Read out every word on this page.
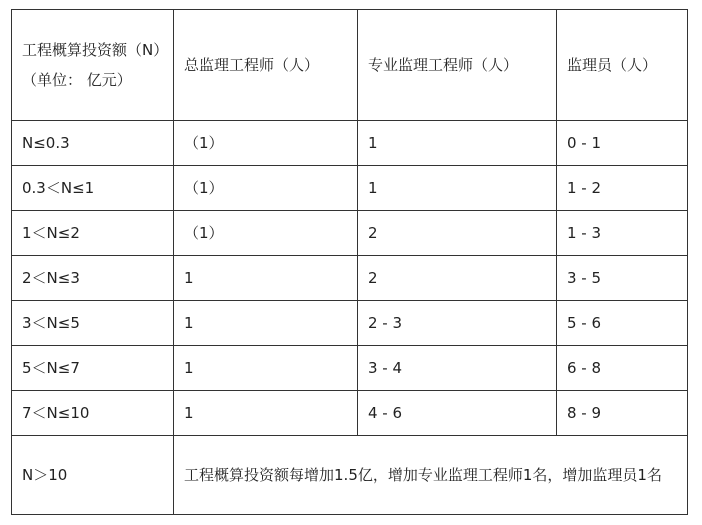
工程概算投资额（N）（单位： 亿元）	总监理工程师（人）	专业监理工程师（人）	监理员（人）
N≤0.3	（1）	1	0 - 1
0.3＜N≤1	（1）	1	1 - 2
1＜N≤2	（1）	2	1 - 3
2＜N≤3	1	2	3 - 5
3＜N≤5	1	2 - 3	5 - 6
5＜N≤7	1	3 - 4	6 - 8
7＜N≤10	1	4 - 6	8 - 9
N＞10	工程概算投资额每增加1.5亿，增加专业监理工程师1名，增加监理员1名		
